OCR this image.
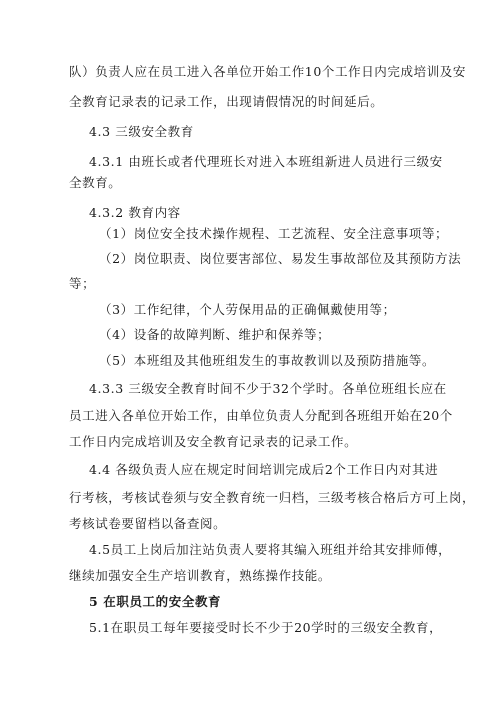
队）负责人应在员工进入各单位开始工作10个工作日内完成培训及安
全教育记录表的记录工作，出现请假情况的时间延后。
4.3 三级安全教育
4.3.1 由班长或者代理班长对进入本班组新进人员进行三级安
全教育。
4.3.2 教育内容
（1）岗位安全技术操作规程、工艺流程、安全注意事项等；
（2）岗位职责、岗位要害部位、易发生事故部位及其预防方法
等；
（3）工作纪律，个人劳保用品的正确佩戴使用等；
（4）设备的故障判断、维护和保养等；
（5）本班组及其他班组发生的事故教训以及预防措施等。
4.3.3 三级安全教育时间不少于32个学时。各单位班组长应在
员工进入各单位开始工作，由单位负责人分配到各班组开始在20个
工作日内完成培训及安全教育记录表的记录工作。
4.4 各级负责人应在规定时间培训完成后2个工作日内对其进
行考核，考核试卷须与安全教育统一归档，三级考核合格后方可上岗，
考核试卷要留档以备查阅。
4.5员工上岗后加注站负责人要将其编入班组并给其安排师傅，
继续加强安全生产培训教育，熟练操作技能。
5 在职员工的安全教育
5.1在职员工每年要接受时长不少于20学时的三级安全教育，
